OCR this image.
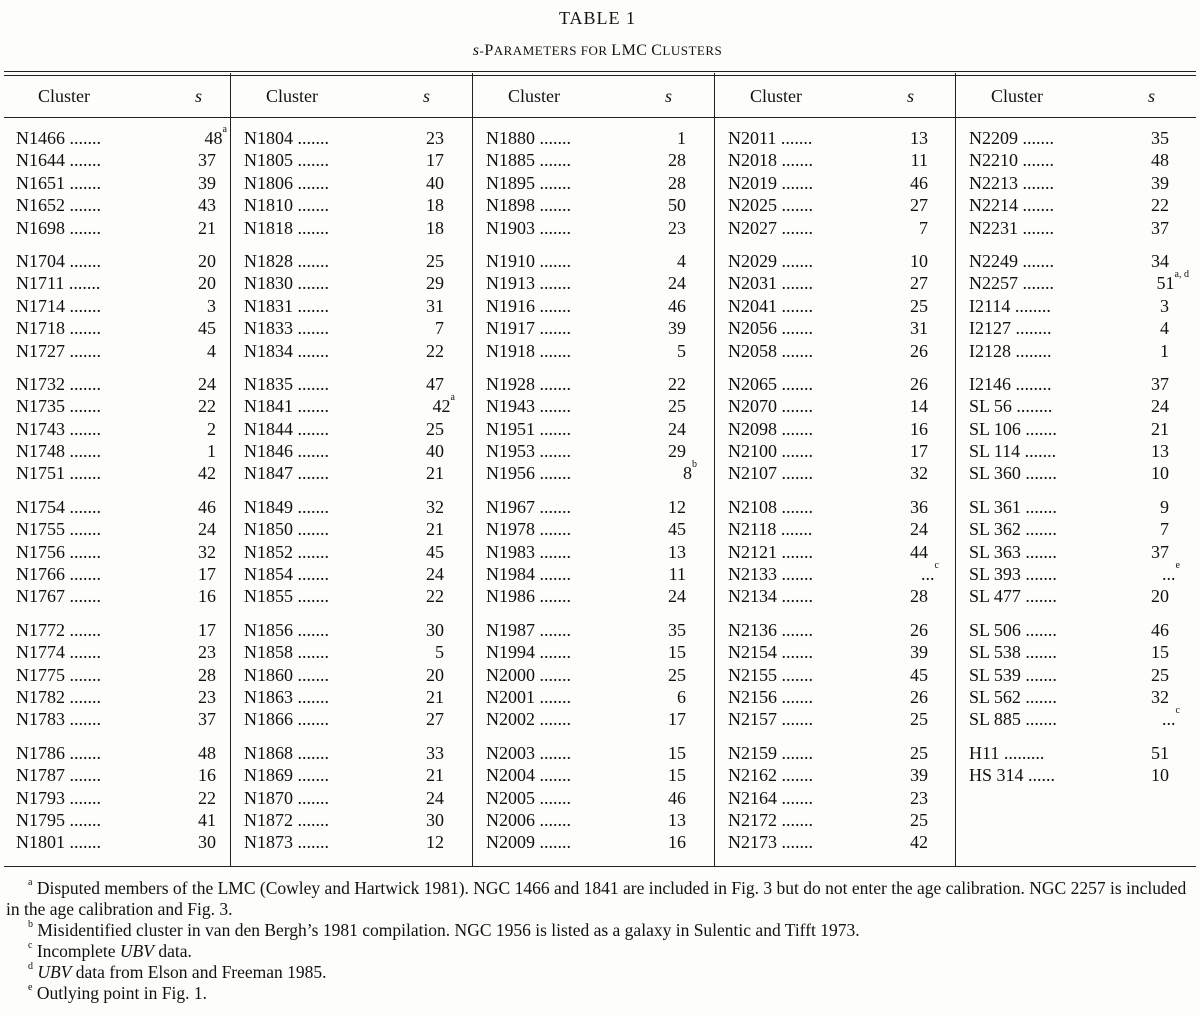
TABLE 1
s-PARAMETERS FOR LMC CLUSTERS
Cluster	s
N1466 .......	48$^a$
N1644 .......	37
N1651 .......	39
N1652 .......	43
N1698 .......	21
N1704 .......	20
N1711 .......	20
N1714 .......	3
N1718 .......	45
N1727 .......	4
N1732 .......	24
N1735 .......	22
N1743 .......	2
N1748 .......	1
N1751 .......	42
N1754 .......	46
N1755 .......	24
N1756 .......	32
N1766 .......	17
N1767 .......	16
N1772 .......	17
N1774 .......	23
N1775 .......	28
N1782 .......	23
N1783 .......	37
N1786 .......	48
N1787 .......	16
N1793 .......	22
N1795 .......	41
N1801 .......	30
Cluster	s
N1804 .......	23
N1805 .......	17
N1806 .......	40
N1810 .......	18
N1818 .......	18
N1828 .......	25
N1830 .......	29
N1831 .......	31
N1833 .......	7
N1834 .......	22
N1835 .......	47
N1841 .......	42$^a$
N1844 .......	25
N1846 .......	40
N1847 .......	21
N1849 .......	32
N1850 .......	21
N1852 .......	45
N1854 .......	24
N1855 .......	22
N1856 .......	30
N1858 .......	5
N1860 .......	20
N1863 .......	21
N1866 .......	27
N1868 .......	33
N1869 .......	21
N1870 .......	24
N1872 .......	30
N1873 .......	12
Cluster	s
N1880 .......	1
N1885 .......	28
N1895 .......	28
N1898 .......	50
N1903 .......	23
N1910 .......	4
N1913 .......	24
N1916 .......	46
N1917 .......	39
N1918 .......	5
N1928 .......	22
N1943 .......	25
N1951 .......	24
N1953 .......	29
N1956 .......	8$^b$
N1967 .......	12
N1978 .......	45
N1983 .......	13
N1984 .......	11
N1986 .......	24
N1987 .......	35
N1994 .......	15
N2000 .......	25
N2001 .......	6
N2002 .......	17
N2003 .......	15
N2004 .......	15
N2005 .......	46
N2006 .......	13
N2009 .......	16
Cluster	s
N2011 .......	13
N2018 .......	11
N2019 .......	46
N2025 .......	27
N2027 .......	7
N2029 .......	10
N2031 .......	27
N2041 .......	25
N2056 .......	31
N2058 .......	26
N2065 .......	26
N2070 .......	14
N2098 .......	16
N2100 .......	17
N2107 .......	32
N2108 .......	36
N2118 .......	24
N2121 .......	44
N2133 .......	...$^c$
N2134 .......	28
N2136 .......	26
N2154 .......	39
N2155 .......	45
N2156 .......	26
N2157 .......	25
N2159 .......	25
N2162 .......	39
N2164 .......	23
N2172 .......	25
N2173 .......	42
Cluster	s
N2209 .......	35
N2210 .......	48
N2213 .......	39
N2214 .......	22
N2231 .......	37
N2249 .......	34
N2257 .......	51$^{a, d}$
I2114 ........	3
I2127 ........	4
I2128 ........	1
I2146 ........	37
SL 56 ........	24
SL 106 .......	21
SL 114 .......	13
SL 360 .......	10
SL 361 .......	9
SL 362 .......	7
SL 363 .......	37
SL 393 .......	...$^e$
SL 477 .......	20
SL 506 .......	46
SL 538 .......	15
SL 539 .......	25
SL 562 .......	32
SL 885 .......	...$^c$
H11 .........	51
HS 314 ......	10
$^a$ Disputed members of the LMC (Cowley and Hartwick 1981). NGC 1466 and 1841 are included in Fig. 3 but do not enter the age calibration. NGC 2257 is included in the age calibration and Fig. 3.
$^b$ Misidentified cluster in van den Bergh’s 1981 compilation. NGC 1956 is listed as a galaxy in Sulentic and Tifft 1973.
$^c$ Incomplete UBV data.
$^d$ UBV data from Elson and Freeman 1985.
$^e$ Outlying point in Fig. 1.
